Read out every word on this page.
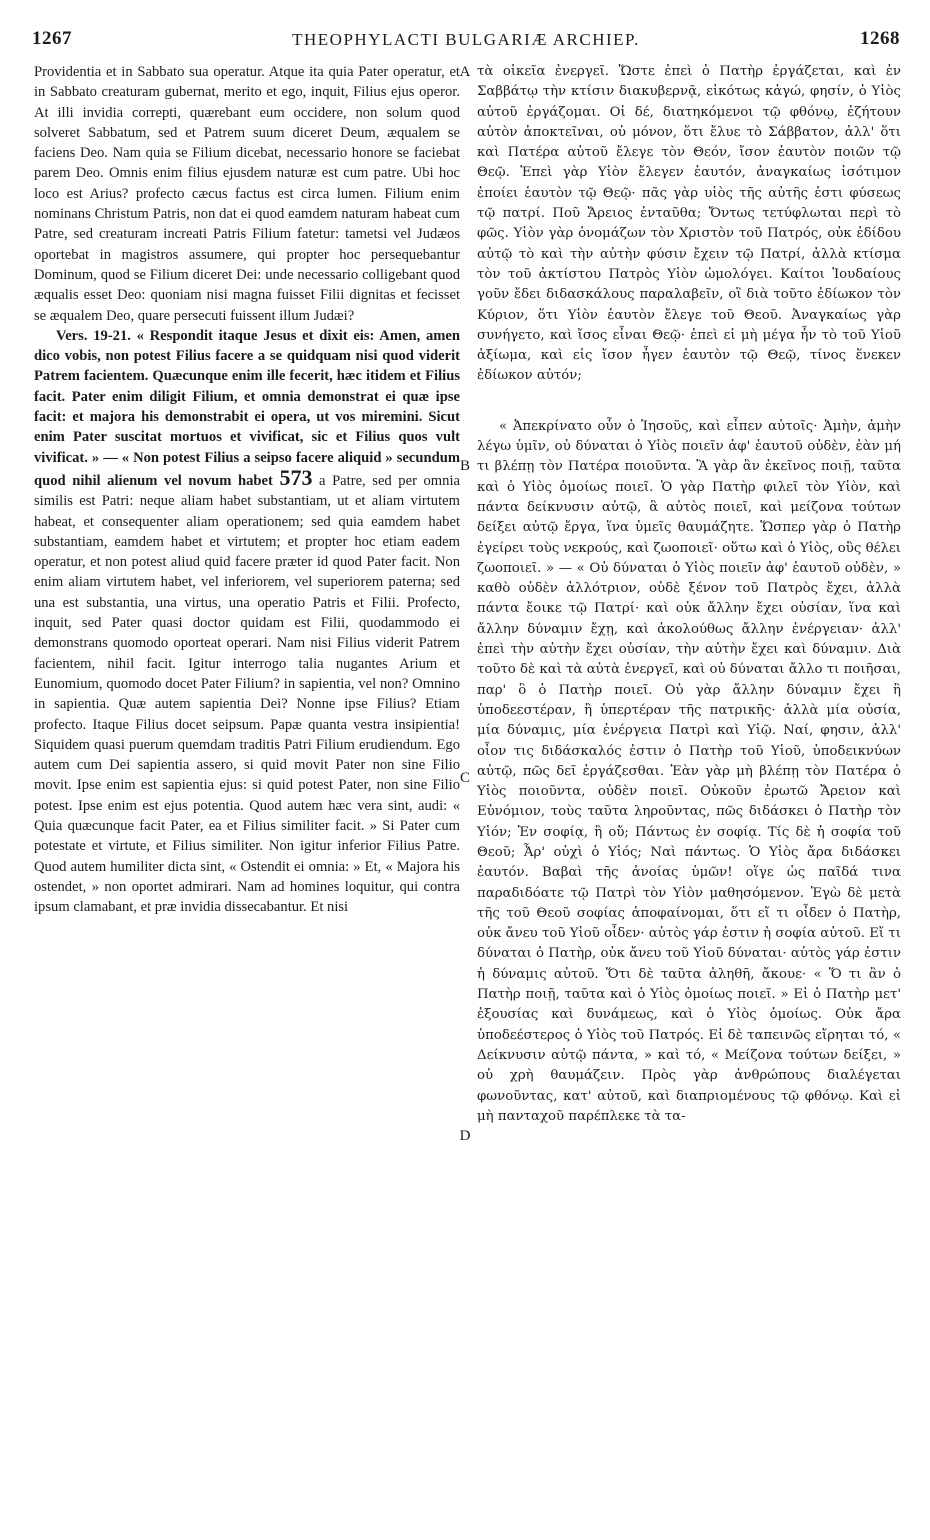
1267	THEOPHYLACTI BULGARIÆ ARCHIEP.	1268

Providentia et in Sabbato sua operatur. Atque ita quia Pater operatur, et in Sabbato creaturam gubernat, merito et ego, inquit, Filius ejus operor. At illi invidia correpti, quærebant eum occidere, non solum quod solveret Sabbatum, sed et Patrem suum diceret Deum, æqualem se faciens Deo. Nam quia se Filium dicebat, necessario honore se faciebat parem Deo. Omnis enim filius ejusdem naturæ est cum patre. Ubi hoc loco est Arius? profecto cæcus factus est circa lumen. Filium enim nominans Christum Patris, non dat ei quod eamdem naturam habeat cum Patre, sed creaturam increati Patris Filium fatetur: tametsi vel Judæos oportebat in magistros assumere, qui propter hoc persequebantur Dominum, quod se Filium diceret Dei: unde necessario colligebant quod æqualis esset Deo: quoniam nisi magna fuisset Filii dignitas et fecisset se æqualem Deo, quare persecuti fuissent illum Judæi?

Vers. 19-21. « Respondit itaque Jesus et dixit eis: Amen, amen dico vobis, non potest Filius facere a se quidquam nisi quod viderit Patrem facientem. Quæcunque enim ille fecerit, hæc itidem et Filius facit. Pater enim diligit Filium, et omnia demonstrat ei quæ ipse facit: et majora his demonstrabit ei opera, ut vos miremini. Sicut enim Pater suscitat mortuos et vivificat, sic et Filius quos vult vivificat. » — « Non potest Filius a seipso facere aliquid » secundum quod nihil alienum vel novum habet 573 a Patre, sed per omnia similis est Patri: neque aliam habet substantiam, ut et aliam virtutem habeat, et consequenter aliam operationem; sed quia eamdem habet substantiam, eamdem habet et virtutem; et propter hoc etiam eadem operatur, et non potest aliud quid facere præter id quod Pater facit. Non enim aliam virtutem habet, vel inferiorem, vel superiorem paterna; sed una est substantia, una virtus, una operatio Patris et Filii. Profecto, inquit, sed Pater quasi doctor quidam est Filii, quodammodo ei demonstrans quomodo oporteat operari. Nam nisi Filius viderit Patrem facientem, nihil facit. Igitur interrogo talia nugantes Arium et Eunomium, quomodo docet Pater Filium? in sapientia, vel non? Omnino in sapientia. Quæ autem sapientia Dei? Nonne ipse Filius? Etiam profecto. Itaque Filius docet seipsum. Papæ quanta vestra insipientia! Siquidem quasi puerum quemdam traditis Patri Filium erudiendum. Ego autem cum Dei sapientia assero, si quid movit Pater non sine Filio movit. Ipse enim est sapientia ejus: si quid potest Pater, non sine Filio potest. Ipse enim est ejus potentia. Quod autem hæc vera sint, audi: « Quia quæcunque facit Pater, ea et Filius similiter facit. » Si Pater cum potestate et virtute, et Filius similiter. Non igitur inferior Filius Patre. Quod autem humiliter dicta sint, « Ostendit ei omnia: » Et, « Majora his ostendet, » non oportet admirari. Nam ad homines loquitur, qui contra ipsum clamabant, et præ invidia dissecabantur. Et nisi

A
B
C
D

τὰ οἰκεῖα ἐνεργεῖ. Ὥστε ἐπεὶ ὁ Πατὴρ ἐργάζεται, καὶ ἐν Σαββάτῳ τὴν κτίσιν διακυβερνᾷ, εἰκότως κἀγώ, φησίν, ὁ Υἱὸς αὐτοῦ ἐργάζομαι. Οἱ δέ, διατηκόμενοι τῷ φθόνῳ, ἐζήτουν αὐτὸν ἀποκτεῖναι, οὐ μόνον, ὅτι ἔλυε τὸ Σάββατον, ἀλλ' ὅτι καὶ Πατέρα αὐτοῦ ἔλεγε τὸν Θεόν, ἴσον ἑαυτὸν ποιῶν τῷ Θεῷ. Ἐπεὶ γὰρ Υἱὸν ἔλεγεν ἑαυτόν, ἀναγκαίως ἰσότιμον ἐποίει ἑαυτὸν τῷ Θεῷ· πᾶς γὰρ υἱὸς τῆς αὐτῆς ἐστι φύσεως τῷ πατρί. Ποῦ Ἄρειος ἐνταῦθα; Ὄντως τετύφλωται περὶ τὸ φῶς. Υἱὸν γὰρ ὀνομάζων τὸν Χριστὸν τοῦ Πατρός, οὐκ ἐδίδου αὐτῷ τὸ καὶ τὴν αὐτὴν φύσιν ἔχειν τῷ Πατρί, ἀλλὰ κτίσμα τὸν τοῦ ἀκτίστου Πατρὸς Υἱὸν ὡμολόγει. Καίτοι Ἰουδαίους γοῦν ἔδει διδασκάλους παραλαβεῖν, οἳ διὰ τοῦτο ἐδίωκον τὸν Κύριον, ὅτι Υἱὸν ἑαυτὸν ἔλεγε τοῦ Θεοῦ. Ἀναγκαίως γὰρ συνήγετο, καὶ ἴσος εἶναι Θεῷ· ἐπεὶ εἰ μὴ μέγα ἦν τὸ τοῦ Υἱοῦ ἀξίωμα, καὶ εἰς ἴσον ἦγεν ἑαυτὸν τῷ Θεῷ, τίνος ἕνεκεν ἐδίωκον αὐτόν;

« Ἀπεκρίνατο οὖν ὁ Ἰησοῦς, καὶ εἶπεν αὐτοῖς· Ἀμὴν, ἀμὴν λέγω ὑμῖν, οὐ δύναται ὁ Υἱὸς ποιεῖν ἀφ' ἑαυτοῦ οὐδὲν, ἐὰν μή τι βλέπῃ τὸν Πατέρα ποιοῦντα. Ἃ γὰρ ἂν ἐκεῖνος ποιῇ, ταῦτα καὶ ὁ Υἱὸς ὁμοίως ποιεῖ. Ὁ γὰρ Πατὴρ φιλεῖ τὸν Υἱὸν, καὶ πάντα δείκνυσιν αὐτῷ, ἃ αὐτὸς ποιεῖ, καὶ μείζονα τούτων δείξει αὐτῷ ἔργα, ἵνα ὑμεῖς θαυμάζητε. Ὥσπερ γὰρ ὁ Πατὴρ ἐγείρει τοὺς νεκρούς, καὶ ζωοποιεῖ· οὕτω καὶ ὁ Υἱὸς, οὓς θέλει ζωοποιεῖ. » — « Οὐ δύναται ὁ Υἱὸς ποιεῖν ἀφ' ἑαυτοῦ οὐδὲν, » καθὸ οὐδὲν ἀλλότριον, οὐδὲ ξένον τοῦ Πατρὸς ἔχει, ἀλλὰ πάντα ἔοικε τῷ Πατρί· καὶ οὐκ ἄλλην ἔχει οὐσίαν, ἵνα καὶ ἄλλην δύναμιν ἔχῃ, καὶ ἀκολούθως ἄλλην ἐνέργειαν· ἀλλ' ἐπεὶ τὴν αὐτὴν ἔχει οὐσίαν, τὴν αὐτὴν ἔχει καὶ δύναμιν. Διὰ τοῦτο δὲ καὶ τὰ αὐτὰ ἐνεργεῖ, καὶ οὐ δύναται ἄλλο τι ποιῆσαι, παρ' ὃ ὁ Πατὴρ ποιεῖ. Οὐ γὰρ ἄλλην δύναμιν ἔχει ἢ ὑποδεεστέραν, ἢ ὑπερτέραν τῆς πατρικῆς· ἀλλὰ μία οὐσία, μία δύναμις, μία ἐνέργεια Πατρὶ καὶ Υἱῷ. Ναί, φησιν, ἀλλ' οἷον τις διδάσκαλός ἐστιν ὁ Πατὴρ τοῦ Υἱοῦ, ὑποδεικνύων αὐτῷ, πῶς δεῖ ἐργάζεσθαι. Ἐὰν γὰρ μὴ βλέπῃ τὸν Πατέρα ὁ Υἱὸς ποιοῦντα, οὐδὲν ποιεῖ. Οὐκοῦν ἐρωτῶ Ἄρειον καὶ Εὐνόμιον, τοὺς ταῦτα ληροῦντας, πῶς διδάσκει ὁ Πατὴρ τὸν Υἱόν; Ἐν σοφίᾳ, ἢ οὔ; Πάντως ἐν σοφίᾳ. Τίς δὲ ἡ σοφία τοῦ Θεοῦ; Ἆρ' οὐχὶ ὁ Υἱός; Ναὶ πάντως. Ὁ Υἱὸς ἄρα διδάσκει ἑαυτόν. Βαβαὶ τῆς ἀνοίας ὑμῶν! οἵγε ὡς παῖδά τινα παραδιδόατε τῷ Πατρὶ τὸν Υἱὸν μαθησόμενον. Ἐγὼ δὲ μετὰ τῆς τοῦ Θεοῦ σοφίας ἀποφαίνομαι, ὅτι εἴ τι οἶδεν ὁ Πατὴρ, οὐκ ἄνευ τοῦ Υἱοῦ οἶδεν· αὐτὸς γάρ ἐστιν ἡ σοφία αὐτοῦ. Εἴ τι δύναται ὁ Πατὴρ, οὐκ ἄνευ τοῦ Υἱοῦ δύναται· αὐτὸς γάρ ἐστιν ἡ δύναμις αὐτοῦ. Ὅτι δὲ ταῦτα ἀληθῆ, ἄκουε· « Ὅ τι ἂν ὁ Πατὴρ ποιῇ, ταῦτα καὶ ὁ Υἱὸς ὁμοίως ποιεῖ. » Εἰ ὁ Πατὴρ μετ' ἐξουσίας καὶ δυνάμεως, καὶ ὁ Υἱὸς ὁμοίως. Οὐκ ἄρα ὑποδεέστερος ὁ Υἱὸς τοῦ Πατρός. Εἰ δὲ ταπεινῶς εἴρηται τό, « Δείκνυσιν αὐτῷ πάντα, » καὶ τό, « Μείζονα τούτων δείξει, » οὐ χρὴ θαυμάζειν. Πρὸς γὰρ ἀνθρώπους διαλέγεται φωνοῦντας, κατ' αὐτοῦ, καὶ διαπριομένους τῷ φθόνῳ. Καὶ εἰ μὴ πανταχοῦ παρέπλεκε τὰ τα-
